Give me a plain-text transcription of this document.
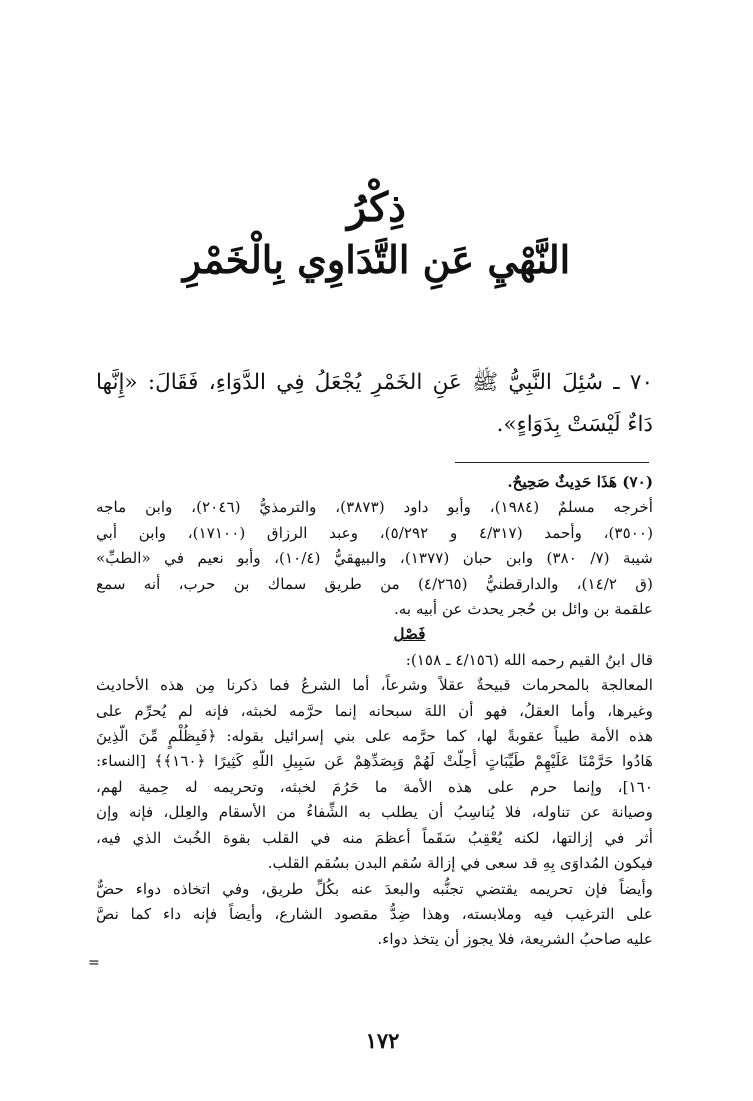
ذِكْرُ
النَّهْيِ عَنِ التَّدَاوِي بِالْخَمْرِ
٧٠ ـ سُئِلَ النَّبِيُّ ﷺ عَنِ الخَمْرِ يُجْعَلُ فِي الدَّوَاءِ، فَقَالَ: «إِنَّها
دَاءٌ لَيْسَتْ بِدَوَاءٍ».
(٧٠) هَذَا حَدِيثٌ صَحِيحٌ.
أخرجه مسلمٌ (١٩٨٤)، وأبو داود (٣٨٧٣)، والترمذيُّ (٢٠٤٦)، وابن ماجه
(٣٥٠٠)، وأحمد (٤/٣١٧ و ٥/٢٩٢)، وعبد الرزاق (١٧١٠٠)، وابن أبي
شيبة (٧/ ٣٨٠) وابن حبان (١٣٧٧)، والبيهقيُّ (١٠/٤)، وأبو نعيم في «الطبِّ»
(ق ١٤/٢)، والدارقطنيُّ (٤/٢٦٥) من طريق سماك بن حرب، أنه سمع
علقمة بن وائل بن حُجر يحدث عن أبيه به.
فَصْل
قال ابنُ القيم رحمه الله (٤/١٥٦ ـ ١٥٨):
المعالجة بالمحرمات قبيحةٌ عقلاً وشرعاً، أما الشرعُ فما ذكرنا مِن هذه الأحاديث
وغيرها، وأما العقلُ، فهو أن اللهَ سبحانه إنما حرَّمه لخبثه، فإنه لم يُحرِّم على
هذه الأمة طيباً عقوبةً لها، كما حرَّمه على بني إسرائيل بقوله: ﴿فَبِظُلْمٍ مِّنَ الَّذِينَ
هَادُوا حَرَّمْنَا عَلَيْهِمْ طَيِّبَاتٍ أُحِلَّتْ لَهُمْ وَبِصَدِّهِمْ عَن سَبِيلِ اللَّهِ كَثِيرًا ﴿١٦٠﴾﴾ [النساء:
١٦٠]، وإنما حرم على هذه الأمة ما حَرُمَ لخبثه، وتحريمه له حِمية لهم،
وصيانة عن تناوله، فلا يُناسِبُ أن يطلب به الشِّفاءُ من الأسقام والعِلل، فإنه وإن
أثر في إزالتها، لكنه يُعْقِبُ سَقَماً أعظمَ منه في القلب بقوة الخُبث الذي فيه،
فيكون المُداوَى بِهِ قد سعى في إزالة سُقم البدن بسُقم القلب.
وأيضاً فإن تحريمه يقتضي تجنُّبه والبعدَ عنه بكُلِّ طريق، وفي اتخاذه دواء حضٌّ
على الترغيب فيه وملابسته، وهذا ضِدُّ مقصود الشارع، وأيضاً فإنه داء كما نصَّ
عليه صاحبُ الشريعة، فلا يجوز أن يتخذ دواء.
=
١٧٢
